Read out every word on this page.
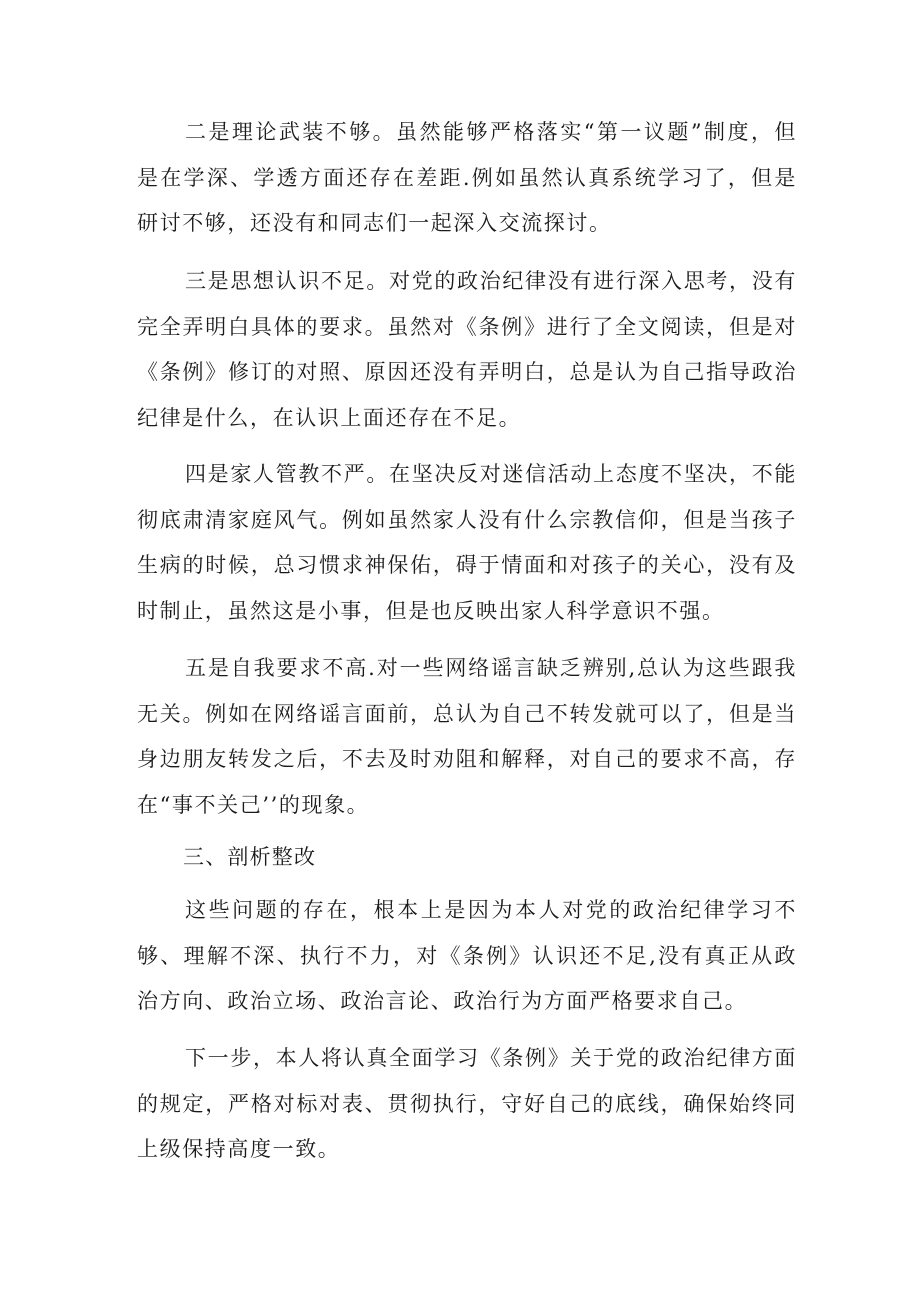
二是理论武装不够。虽然能够严格落实“第一议题”制度，但是在学深、学透方面还存在差距.例如虽然认真系统学习了，但是研讨不够，还没有和同志们一起深入交流探讨。

三是思想认识不足。对党的政治纪律没有进行深入思考，没有完全弄明白具体的要求。虽然对《条例》进行了全文阅读，但是对《条例》修订的对照、原因还没有弄明白，总是认为自己指导政治纪律是什么，在认识上面还存在不足。

四是家人管教不严。在坚决反对迷信活动上态度不坚决，不能彻底肃清家庭风气。例如虽然家人没有什么宗教信仰，但是当孩子生病的时候，总习惯求神保佑，碍于情面和对孩子的关心，没有及时制止，虽然这是小事，但是也反映出家人科学意识不强。

五是自我要求不高.对一些网络谣言缺乏辨别,总认为这些跟我无关。例如在网络谣言面前，总认为自己不转发就可以了，但是当身边朋友转发之后，不去及时劝阻和解释，对自己的要求不高，存在“事不关己’’的现象。

三、剖析整改

这些问题的存在，根本上是因为本人对党的政治纪律学习不够、理解不深、执行不力，对《条例》认识还不足,没有真正从政治方向、政治立场、政治言论、政治行为方面严格要求自己。

下一步，本人将认真全面学习《条例》关于党的政治纪律方面的规定，严格对标对表、贯彻执行，守好自己的底线，确保始终同上级保持高度一致。
